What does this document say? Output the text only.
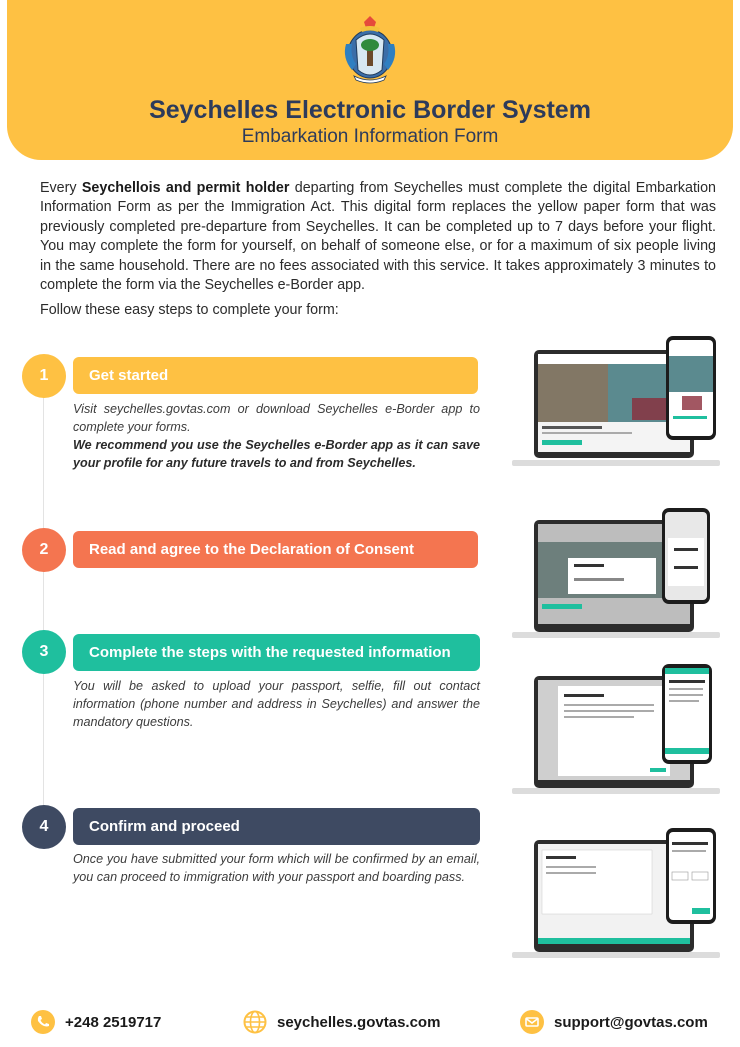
Seychelles Electronic Border System
Embarkation Information Form

Every Seychellois and permit holder departing from Seychelles must complete the digital Embarkation Information Form as per the Immigration Act. This digital form replaces the yellow paper form that was previously completed pre-departure from Seychelles. It can be completed up to 7 days before your flight. You may complete the form for yourself, on behalf of someone else, or for a maximum of six people living in the same household. There are no fees associated with this service. It takes approximately 3 minutes to complete the form via the Seychelles e-Border app.

Follow these easy steps to complete your form:
1	Get started
Visit seychelles.govtas.com or download Seychelles e-Border app to complete your forms.
We recommend you use the Seychelles e-Border app as it can save your profile for any future travels to and from Seychelles.
2	Read and agree to the Declaration of Consent
3	Complete the steps with the requested information
You will be asked to upload your passport, selfie, fill out contact information (phone number and address in Seychelles) and answer the mandatory questions.
4	Confirm and proceed
Once you have submitted your form which will be confirmed by an email, you can proceed to immigration with your passport and boarding pass.
+248 2519717	seychelles.govtas.com	support@govtas.com
